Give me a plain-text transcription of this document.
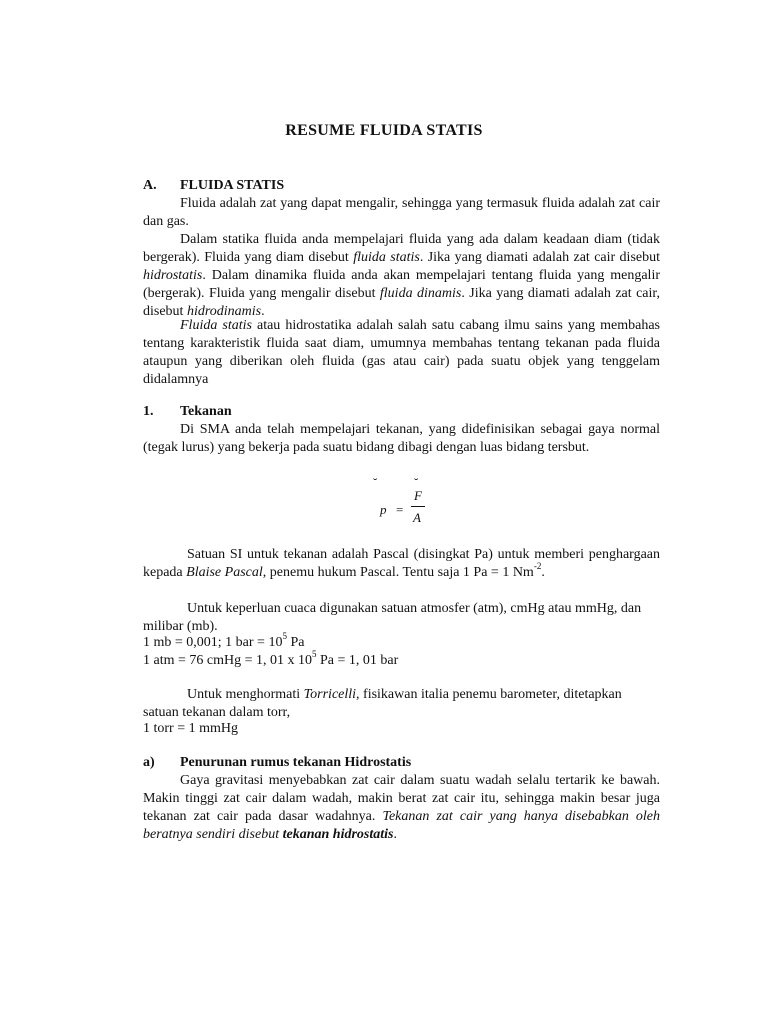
RESUME FLUIDA STATIS
A. FLUIDA STATIS
Fluida adalah zat yang dapat mengalir, sehingga yang termasuk fluida adalah zat cair dan gas.
Dalam statika fluida anda mempelajari fluida yang ada dalam keadaan diam (tidak bergerak). Fluida yang diam disebut fluida statis. Jika yang diamati adalah zat cair disebut hidrostatis. Dalam dinamika fluida anda akan mempelajari tentang fluida yang mengalir (bergerak). Fluida yang mengalir disebut fluida dinamis. Jika yang diamati adalah zat cair, disebut hidrodinamis.
Fluida statis atau hidrostatika adalah salah satu cabang ilmu sains yang membahas tentang karakteristik fluida saat diam, umumnya membahas tentang tekanan pada fluida ataupun yang diberikan oleh fluida (gas atau cair) pada suatu objek yang tenggelam didalamnya
1. Tekanan
Di SMA anda telah mempelajari tekanan, yang didefinisikan sebagai gaya normal (tegak lurus) yang bekerja pada suatu bidang dibagi dengan luas bidang tersbut.
˘	˘
p =
F
A
Satuan SI untuk tekanan adalah Pascal (disingkat Pa) untuk memberi penghargaan kepada Blaise Pascal, penemu hukum Pascal. Tentu saja 1 Pa = 1 $Nm^{-2}$.
Untuk keperluan cuaca digunakan satuan atmosfer (atm), cmHg atau mmHg, dan milibar (mb).
1 mb = 0,001; 1 bar = $10^5$ Pa
1 atm = 76 cmHg = 1, 01 x $10^5$ Pa = 1, 01 bar
Untuk menghormati Torricelli, fisikawan italia penemu barometer, ditetapkan satuan tekanan dalam torr,
1 torr = 1 mmHg
a) Penurunan rumus tekanan Hidrostatis
Gaya gravitasi menyebabkan zat cair dalam suatu wadah selalu tertarik ke bawah. Makin tinggi zat cair dalam wadah, makin berat zat cair itu, sehingga makin besar juga tekanan zat cair pada dasar wadahnya. Tekanan zat cair yang hanya disebabkan oleh beratnya sendiri disebut tekanan hidrostatis.
